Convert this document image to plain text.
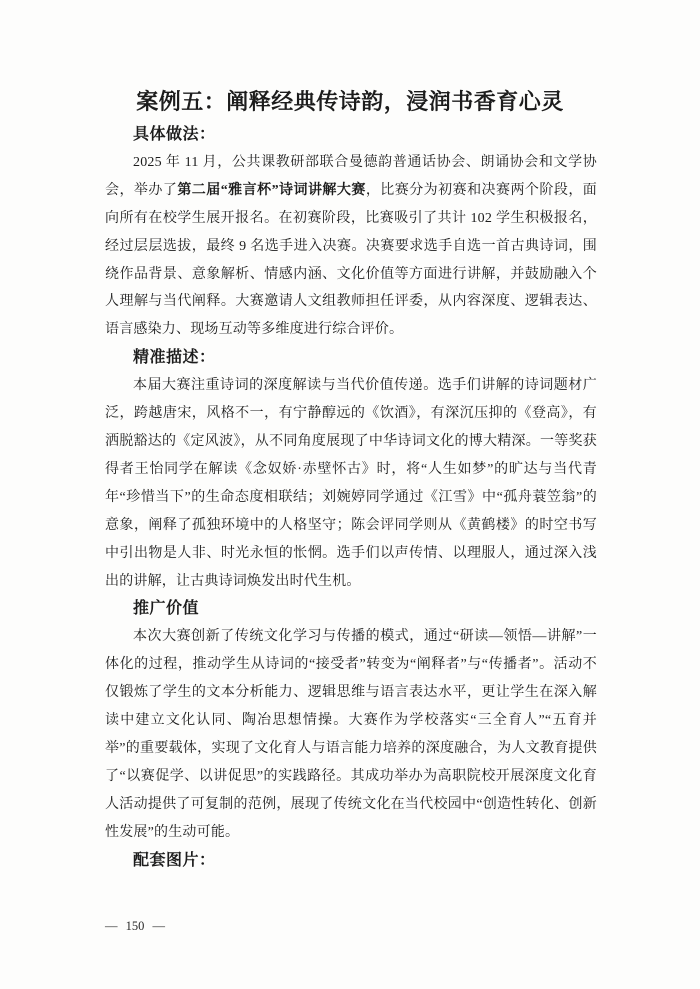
案例五：阐释经典传诗韵，浸润书香育心灵
具体做法：

2025 年 11 月，公共课教研部联合曼德韵普通话协会、朗诵协会和文学协会，举办了第二届“雅言杯”诗词讲解大赛，比赛分为初赛和决赛两个阶段，面向所有在校学生展开报名。在初赛阶段，比赛吸引了共计 102 学生积极报名，经过层层选拔，最终 9 名选手进入决赛。决赛要求选手自选一首古典诗词，围绕作品背景、意象解析、情感内涵、文化价值等方面进行讲解，并鼓励融入个人理解与当代阐释。大赛邀请人文组教师担任评委，从内容深度、逻辑表达、语言感染力、现场互动等多维度进行综合评价。

精准描述：

本届大赛注重诗词的深度解读与当代价值传递。选手们讲解的诗词题材广泛，跨越唐宋，风格不一，有宁静醇远的《饮酒》，有深沉压抑的《登高》，有洒脱豁达的《定风波》，从不同角度展现了中华诗词文化的博大精深。一等奖获得者王怡同学在解读《念奴娇·赤壁怀古》时，将“人生如梦”的旷达与当代青年“珍惜当下”的生命态度相联结；刘婉婷同学通过《江雪》中“孤舟蓑笠翁”的意象，阐释了孤独环境中的人格坚守；陈会评同学则从《黄鹤楼》的时空书写中引出物是人非、时光永恒的怅惘。选手们以声传情、以理服人，通过深入浅出的讲解，让古典诗词焕发出时代生机。

推广价值

本次大赛创新了传统文化学习与传播的模式，通过“研读—领悟—讲解”一体化的过程，推动学生从诗词的“接受者”转变为“阐释者”与“传播者”。活动不仅锻炼了学生的文本分析能力、逻辑思维与语言表达水平，更让学生在深入解读中建立文化认同、陶冶思想情操。大赛作为学校落实“三全育人”“五育并举”的重要载体，实现了文化育人与语言能力培养的深度融合，为人文教育提供了“以赛促学、以讲促思”的实践路径。其成功举办为高职院校开展深度文化育人活动提供了可复制的范例，展现了传统文化在当代校园中“创造性转化、创新性发展”的生动可能。

配套图片：
— 150 —
